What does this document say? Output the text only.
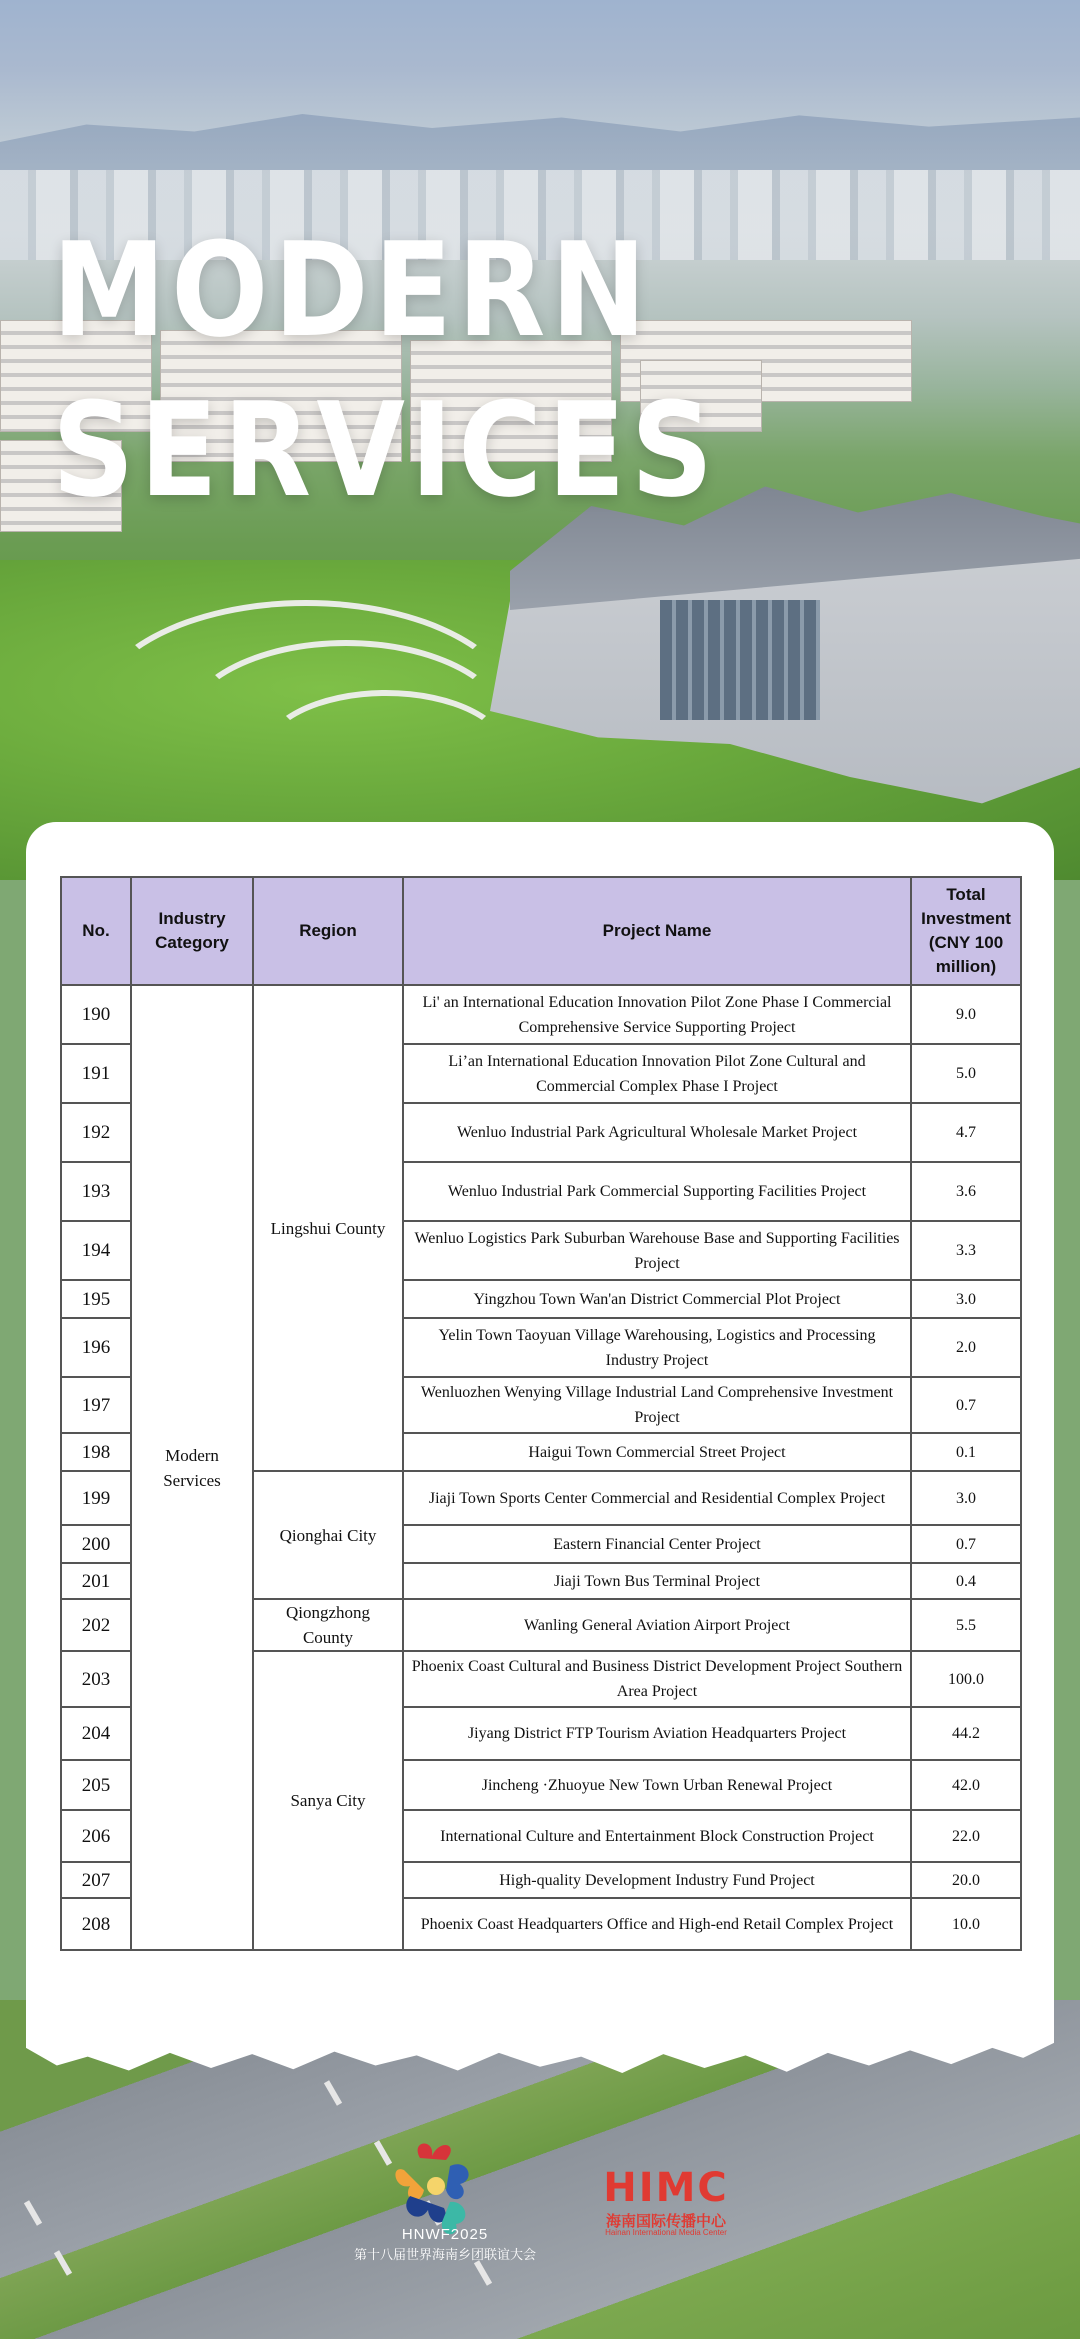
MODERN
SERVICES
No.	Industry Category	Region	Project Name	Total Investment (CNY 100 million)
190	Modern Services	Lingshui County	Li' an International Education Innovation Pilot Zone Phase I Commercial Comprehensive Service Supporting Project	9.0
191			Li’an International Education Innovation Pilot Zone Cultural and Commercial Complex Phase I Project	5.0
192			Wenluo Industrial Park Agricultural Wholesale Market Project	4.7
193			Wenluo Industrial Park Commercial Supporting Facilities Project	3.6
194			Wenluo Logistics Park Suburban Warehouse Base and Supporting Facilities Project	3.3
195			Yingzhou Town Wan'an District Commercial Plot Project	3.0
196			Yelin Town Taoyuan Village Warehousing, Logistics and Processing Industry Project	2.0
197			Wenluozhen Wenying Village Industrial Land Comprehensive Investment Project	0.7
198			Haigui Town Commercial Street Project	0.1
199		Qionghai City	Jiaji Town Sports Center Commercial and Residential Complex Project	3.0
200			Eastern Financial Center Project	0.7
201			Jiaji Town Bus Terminal Project	0.4
202		Qiongzhong County	Wanling General Aviation Airport Project	5.5
203		Sanya City	Phoenix Coast Cultural and Business District Development Project Southern Area Project	100.0
204			Jiyang District FTP Tourism Aviation Headquarters Project	44.2
205			Jincheng ·Zhuoyue New Town Urban Renewal Project	42.0
206			International Culture and Entertainment Block Construction Project	22.0
207			High-quality Development Industry Fund Project	20.0
208			Phoenix Coast Headquarters Office and High-end Retail Complex Project	10.0
HNWF2025
第十八届世界海南乡团联谊大会
HIMC
海南国际传播中心
Hainan International Media Center
